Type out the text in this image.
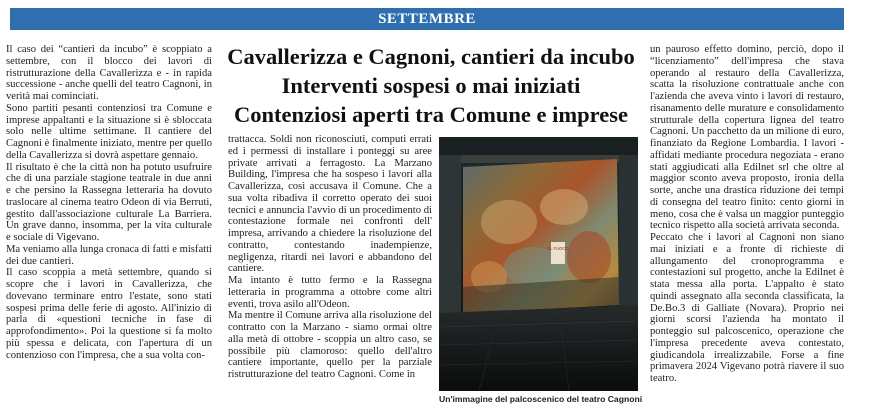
SETTEMBRE

Il caso dei “cantieri da incubo” è scoppiato a settembre, con il blocco dei lavori di ristrutturazione della Cavallerizza e - in rapida successione - anche quelli del teatro Cagnoni, in verità mai cominciati.

Sono partiti pesanti contenziosi tra Comune e imprese appaltanti e la situazione si è sbloccata solo nelle ultime settimane. Il cantiere del Cagnoni è finalmente iniziato, mentre per quello della Cavallerizza si dovrà aspettare gennaio.

Il risultato è che la città non ha potuto usufruire che di una parziale stagione teatrale in due anni e che persino la Rassegna letteraria ha dovuto traslocare al cinema teatro Odeon di via Berruti, gestito dall'associazione culturale La Barriera. Un grave danno, insomma, per la vita culturale e sociale di Vigevano.

Ma veniamo alla lunga cronaca di fatti e misfatti dei due cantieri.

Il caso scoppia a metà settembre, quando si scopre che i lavori in Cavallerizza, che dovevano terminare entro l'estate, sono stati sospesi prima delle ferie di agosto. All'inizio di parla di «questioni tecniche in fase di approfondimento». Poi la questione si fa molto più spessa e delicata, con l'apertura di un contenzioso con l'impresa, che a sua volta con-

Cavallerizza e Cagnoni, cantieri da incubo
Interventi sospesi o mai iniziati
Contenziosi aperti tra Comune e imprese

trattacca. Soldi non riconosciuti, computi errati ed i permessi di installare i ponteggi su aree private arrivati a ferragosto. La Marzano Building, l'impresa che ha sospeso i lavori alla Cavallerizza, così accusava il Comune. Che a sua volta ribadiva il corretto operato dei suoi tecnici e annuncia l'avvio di un procedimento di contestazione formale nei confronti dell' impresa, arrivando a chiedere la risoluzione del contratto, contestando inadempienze, negligenza, ritardi nei lavori e abbandono del cantiere.

Ma intanto è tutto fermo e la Rassegna letteraria in programma a ottobre come altri eventi, trova asilo all'Odeon.

Ma mentre il Comune arriva alla risoluzione del contratto con la Marzano - siamo ormai oltre alla metà di ottobre - scoppia un altro caso, se possibile più clamoroso: quello dell'altro cantiere importante, quello per la parziale ristrutturazione del teatro Cagnoni. Come in

AL FUOCO
Un'immagine del palcoscenico del teatro Cagnoni

un pauroso effetto domino, perciò, dopo il “licenziamento” dell'impresa che stava operando al restauro della Cavallerizza, scatta la risoluzione contrattuale anche con l'azienda che aveva vinto i lavori di restauro, risanamento delle murature e consolidamento strutturale della copertura lignea del teatro Cagnoni. Un pacchetto da un milione di euro, finanziato da Regione Lombardia. I lavori - affidati mediante procedura negoziata - erano stati aggiudicati alla Edilnet srl che oltre al maggior sconto aveva proposto, ironia della sorte, anche una drastica riduzione dei tempi di consegna del teatro finito: cento giorni in meno, cosa che è valsa un maggior punteggio tecnico rispetto alla società arrivata seconda.

Peccato che i lavori al Cagnoni non siano mai iniziati e a fronte di richieste di allungamento del cronoprogramma e contestazioni sul progetto, anche la Edilnet è stata messa alla porta. L'appalto è stato quindi assegnato alla seconda classificata, la De.Bo.3 di Galliate (Novara). Proprio nei giorni scorsi l'azienda ha montato il ponteggio sul palcoscenico, operazione che l'impresa precedente aveva contestato, giudicandola irrealizzabile. Forse a fine primavera 2024 Vigevano potrà riavere il suo teatro.
